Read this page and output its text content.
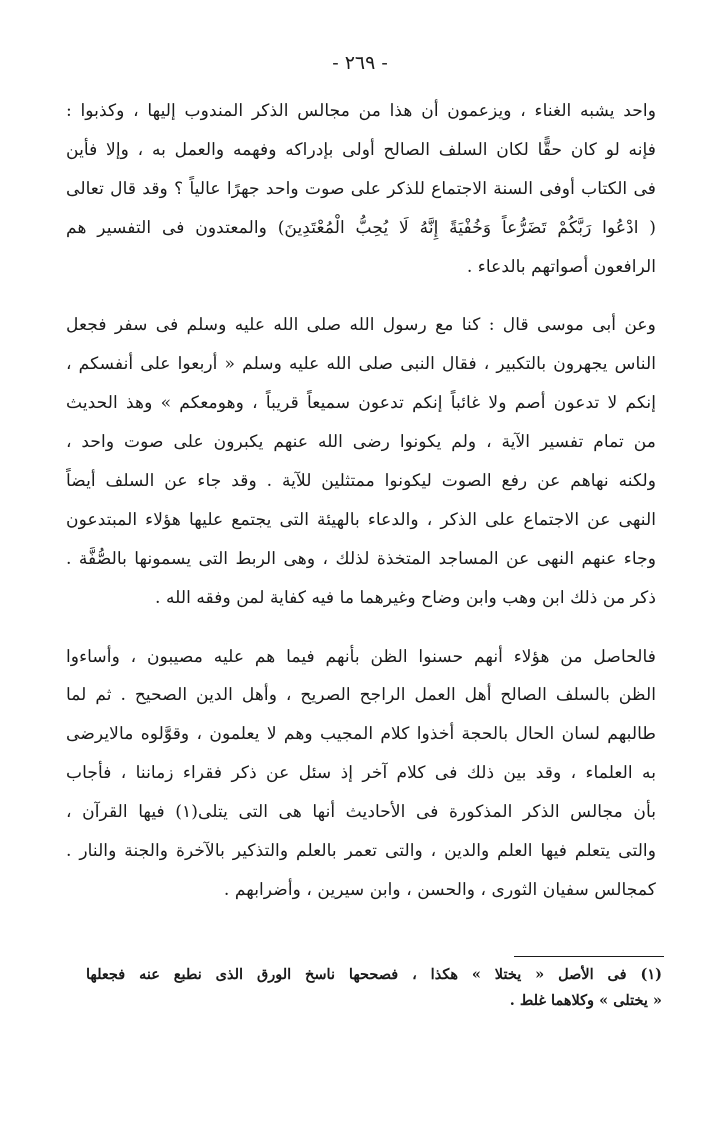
- ٢٦٩ -
واحد يشبه الغناء ، ويزعمون أن هذا من مجالس الذكر المندوب إليها ، وكذبوا :
فإنه لو كان حقًّا لكان السلف الصالح أولى بإدراكه وفهمه والعمل به ، وإلا فأين
فى الكتاب أوفى السنة الاجتماع للذكر على صوت واحد جهرًا عالياً ؟ وقد قال تعالى
( ادْعُوا رَبَّكُمْ تَضَرُّعاً وَخُفْيَةً إِنَّهُ لَا يُحِبُّ الْمُعْتَدِينَ) والمعتدون فى التفسير هم
الرافعون أصواتهم بالدعاء .
وعن أبى موسى قال : كنا مع رسول الله صلى الله عليه وسلم فى سفر فجعل
الناس يجهرون بالتكبير ، فقال النبى صلى الله عليه وسلم « أربعوا على أنفسكم ،
إنكم لا تدعون أصم ولا غائباً إنكم تدعون سميعاً قريباً ، وهومعكم » وهذ الحديث
من تمام تفسير الآية ، ولم يكونوا رضى الله عنهم يكبرون على صوت واحد ،
ولكنه نهاهم عن رفع الصوت ليكونوا ممتثلين للآية . وقد جاء عن السلف أيضاً
النهى عن الاجتماع على الذكر ، والدعاء بالهيئة التى يجتمع عليها هؤلاء المبتدعون
وجاء عنهم النهى عن المساجد المتخذة لذلك ، وهى الربط التى يسمونها بالصُّفَّة .
ذكر من ذلك ابن وهب وابن وضاح وغيرهما ما فيه كفاية لمن وفقه الله .
فالحاصل من هؤلاء أنهم حسنوا الظن بأنهم فيما هم عليه مصيبون ، وأساءوا
الظن بالسلف الصالح أهل العمل الراجح الصريح ، وأهل الدين الصحيح . ثم لما
طالبهم لسان الحال بالحجة أخذوا كلام المجيب وهم لا يعلمون ، وقوَّلوه مالايرضى
به العلماء ، وقد بين ذلك فى كلام آخر إذ سئل عن ذكر فقراء زماننا ، فأجاب
بأن مجالس الذكر المذكورة فى الأحاديث أنها هى التى يتلى(١) فيها القرآن ،
والتى يتعلم فيها العلم والدين ، والتى تعمر بالعلم والتذكير بالآخرة والجنة والنار .
كمجالس سفيان الثورى ، والحسن ، وابن سيرين ، وأضرابهم .
(١) فى الأصل « يختلا » هكذا ، فصححها ناسخ الورق الذى نطبع عنه فجعلها
« يختلى » وكلاهما غلط .
